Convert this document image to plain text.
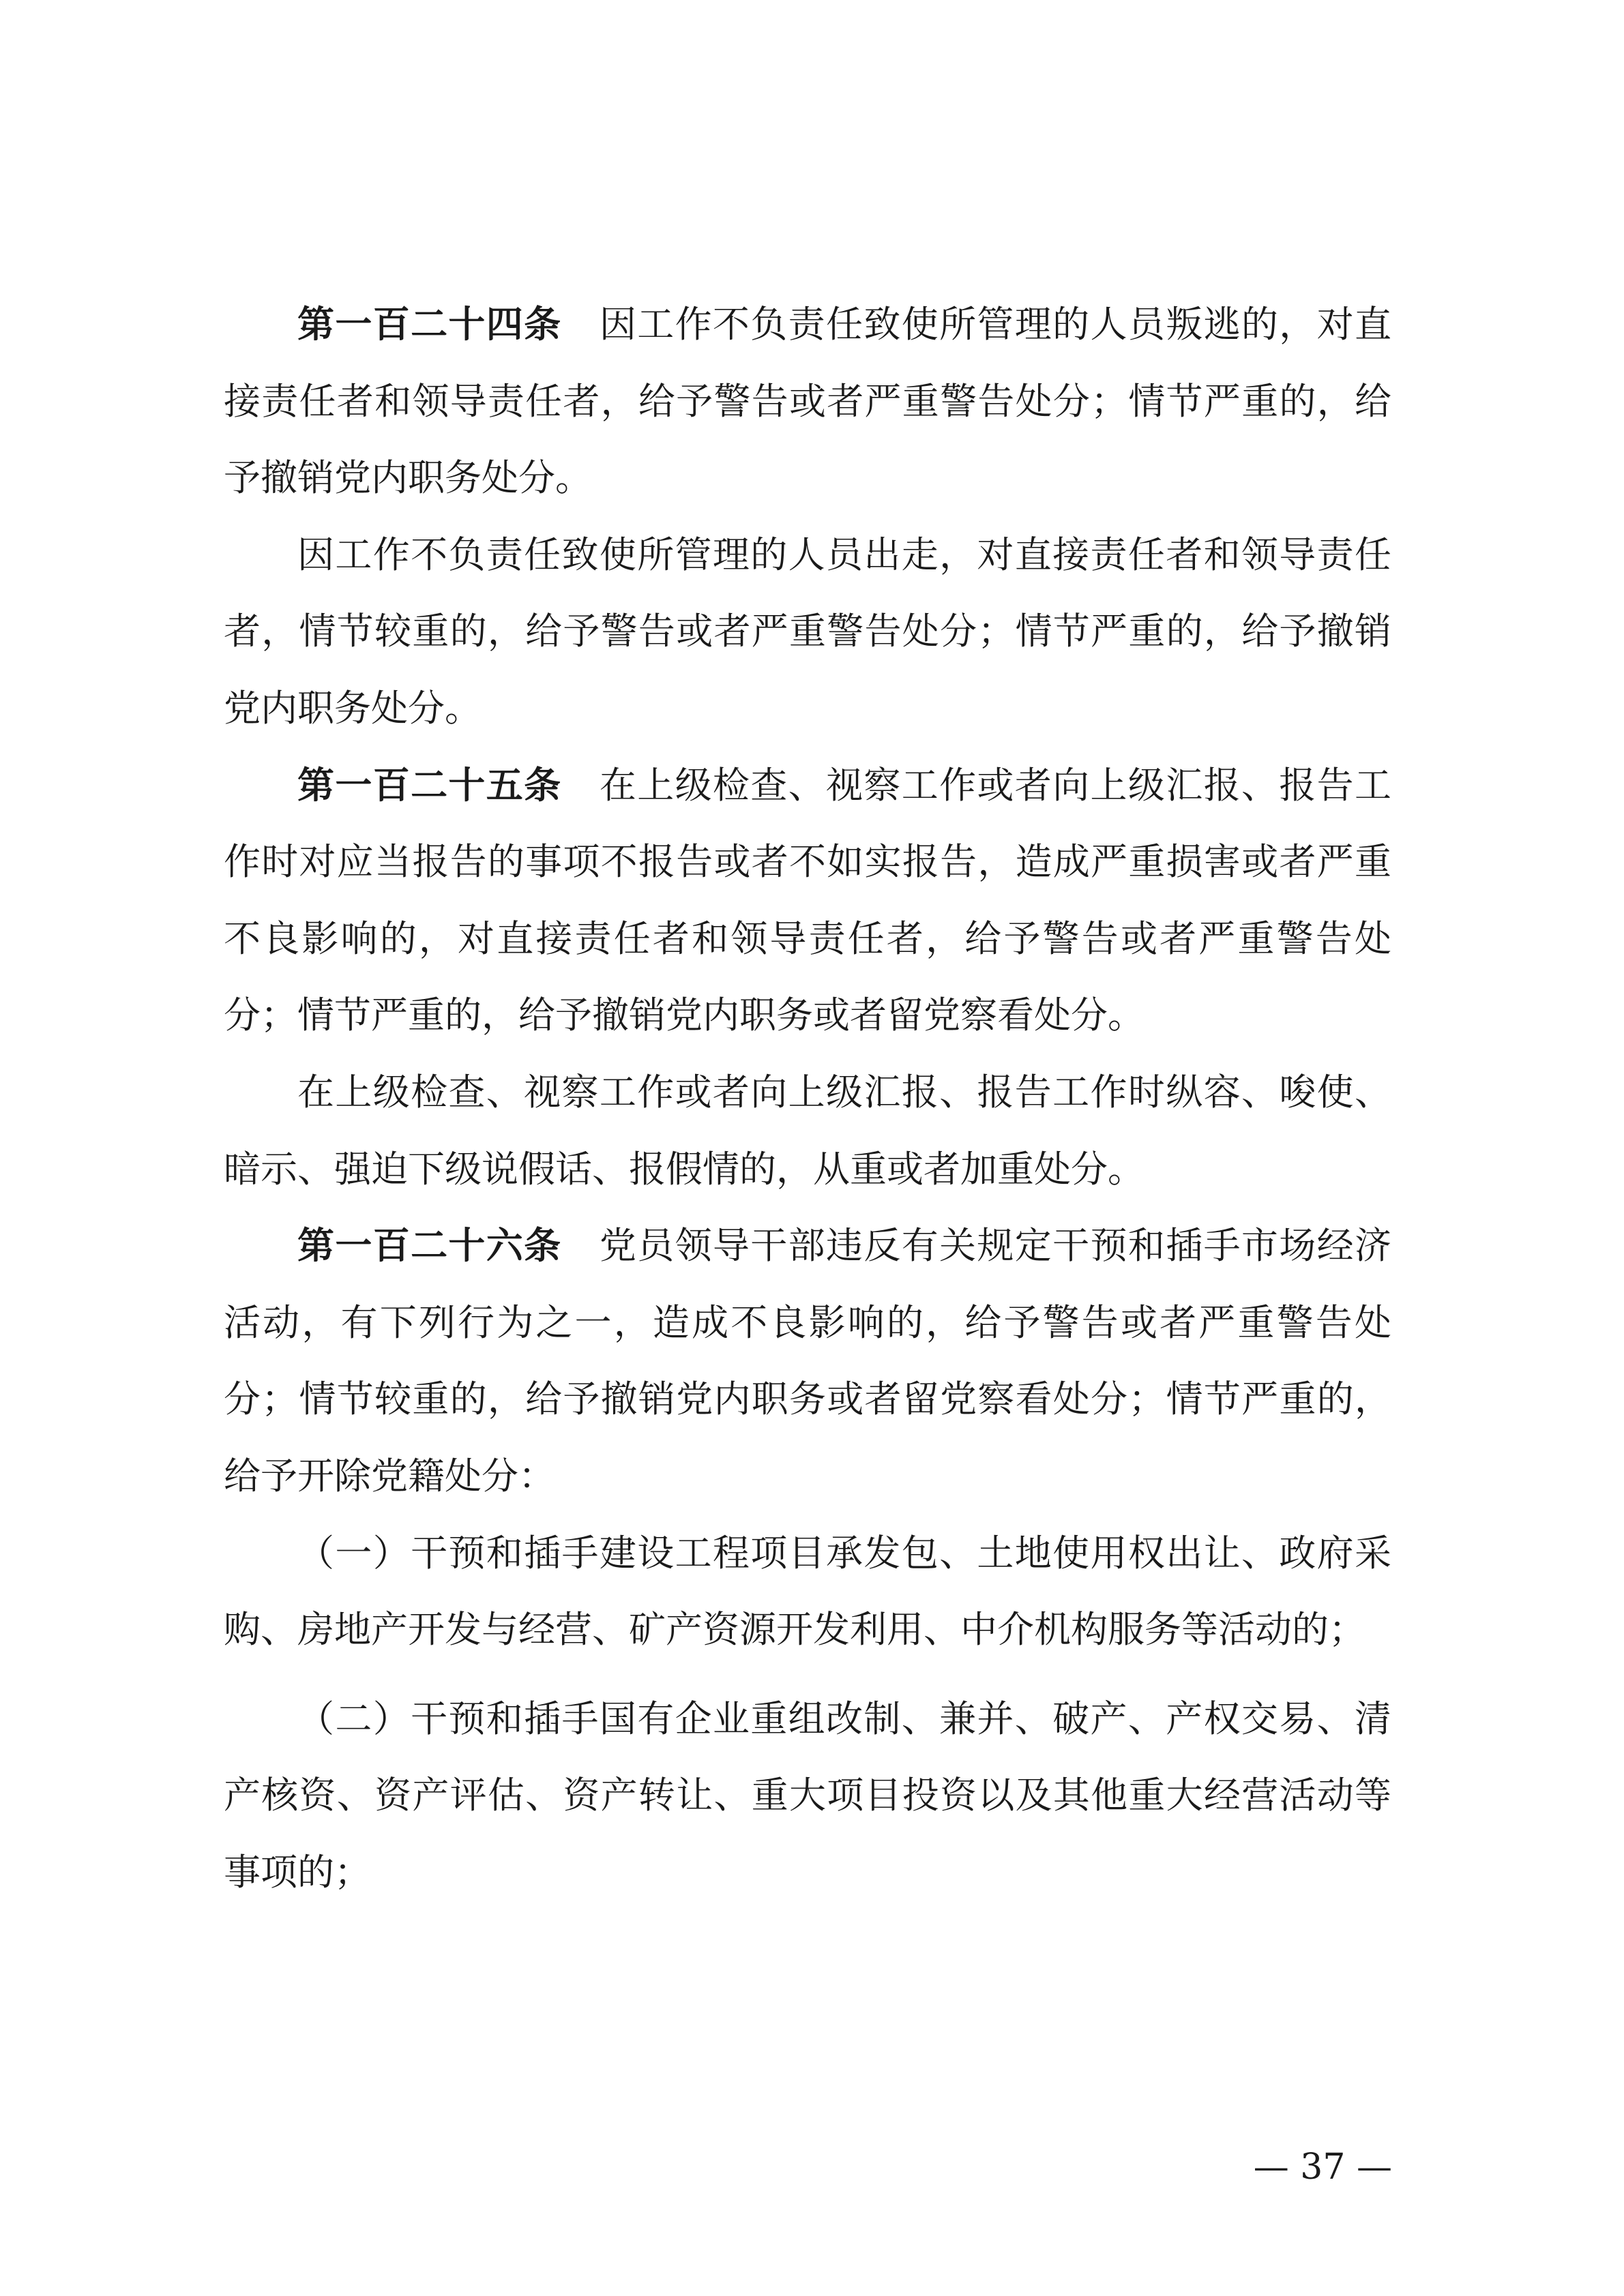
第一百二十四条 因工作不负责任致使所管理的人员叛逃的，对直接责任者和领导责任者，给予警告或者严重警告处分；情节严重的，给予撤销党内职务处分。

因工作不负责任致使所管理的人员出走，对直接责任者和领导责任者，情节较重的，给予警告或者严重警告处分；情节严重的，给予撤销党内职务处分。

第一百二十五条 在上级检查、视察工作或者向上级汇报、报告工作时对应当报告的事项不报告或者不如实报告，造成严重损害或者严重不良影响的，对直接责任者和领导责任者，给予警告或者严重警告处分；情节严重的，给予撤销党内职务或者留党察看处分。

在上级检查、视察工作或者向上级汇报、报告工作时纵容、唆使、暗示、强迫下级说假话、报假情的，从重或者加重处分。

第一百二十六条 党员领导干部违反有关规定干预和插手市场经济活动，有下列行为之一，造成不良影响的，给予警告或者严重警告处分；情节较重的，给予撤销党内职务或者留党察看处分；情节严重的，给予开除党籍处分：

（一）干预和插手建设工程项目承发包、土地使用权出让、政府采购、房地产开发与经营、矿产资源开发利用、中介机构服务等活动的；

（二）干预和插手国有企业重组改制、兼并、破产、产权交易、清产核资、资产评估、资产转让、重大项目投资以及其他重大经营活动等事项的；

— 37 —
